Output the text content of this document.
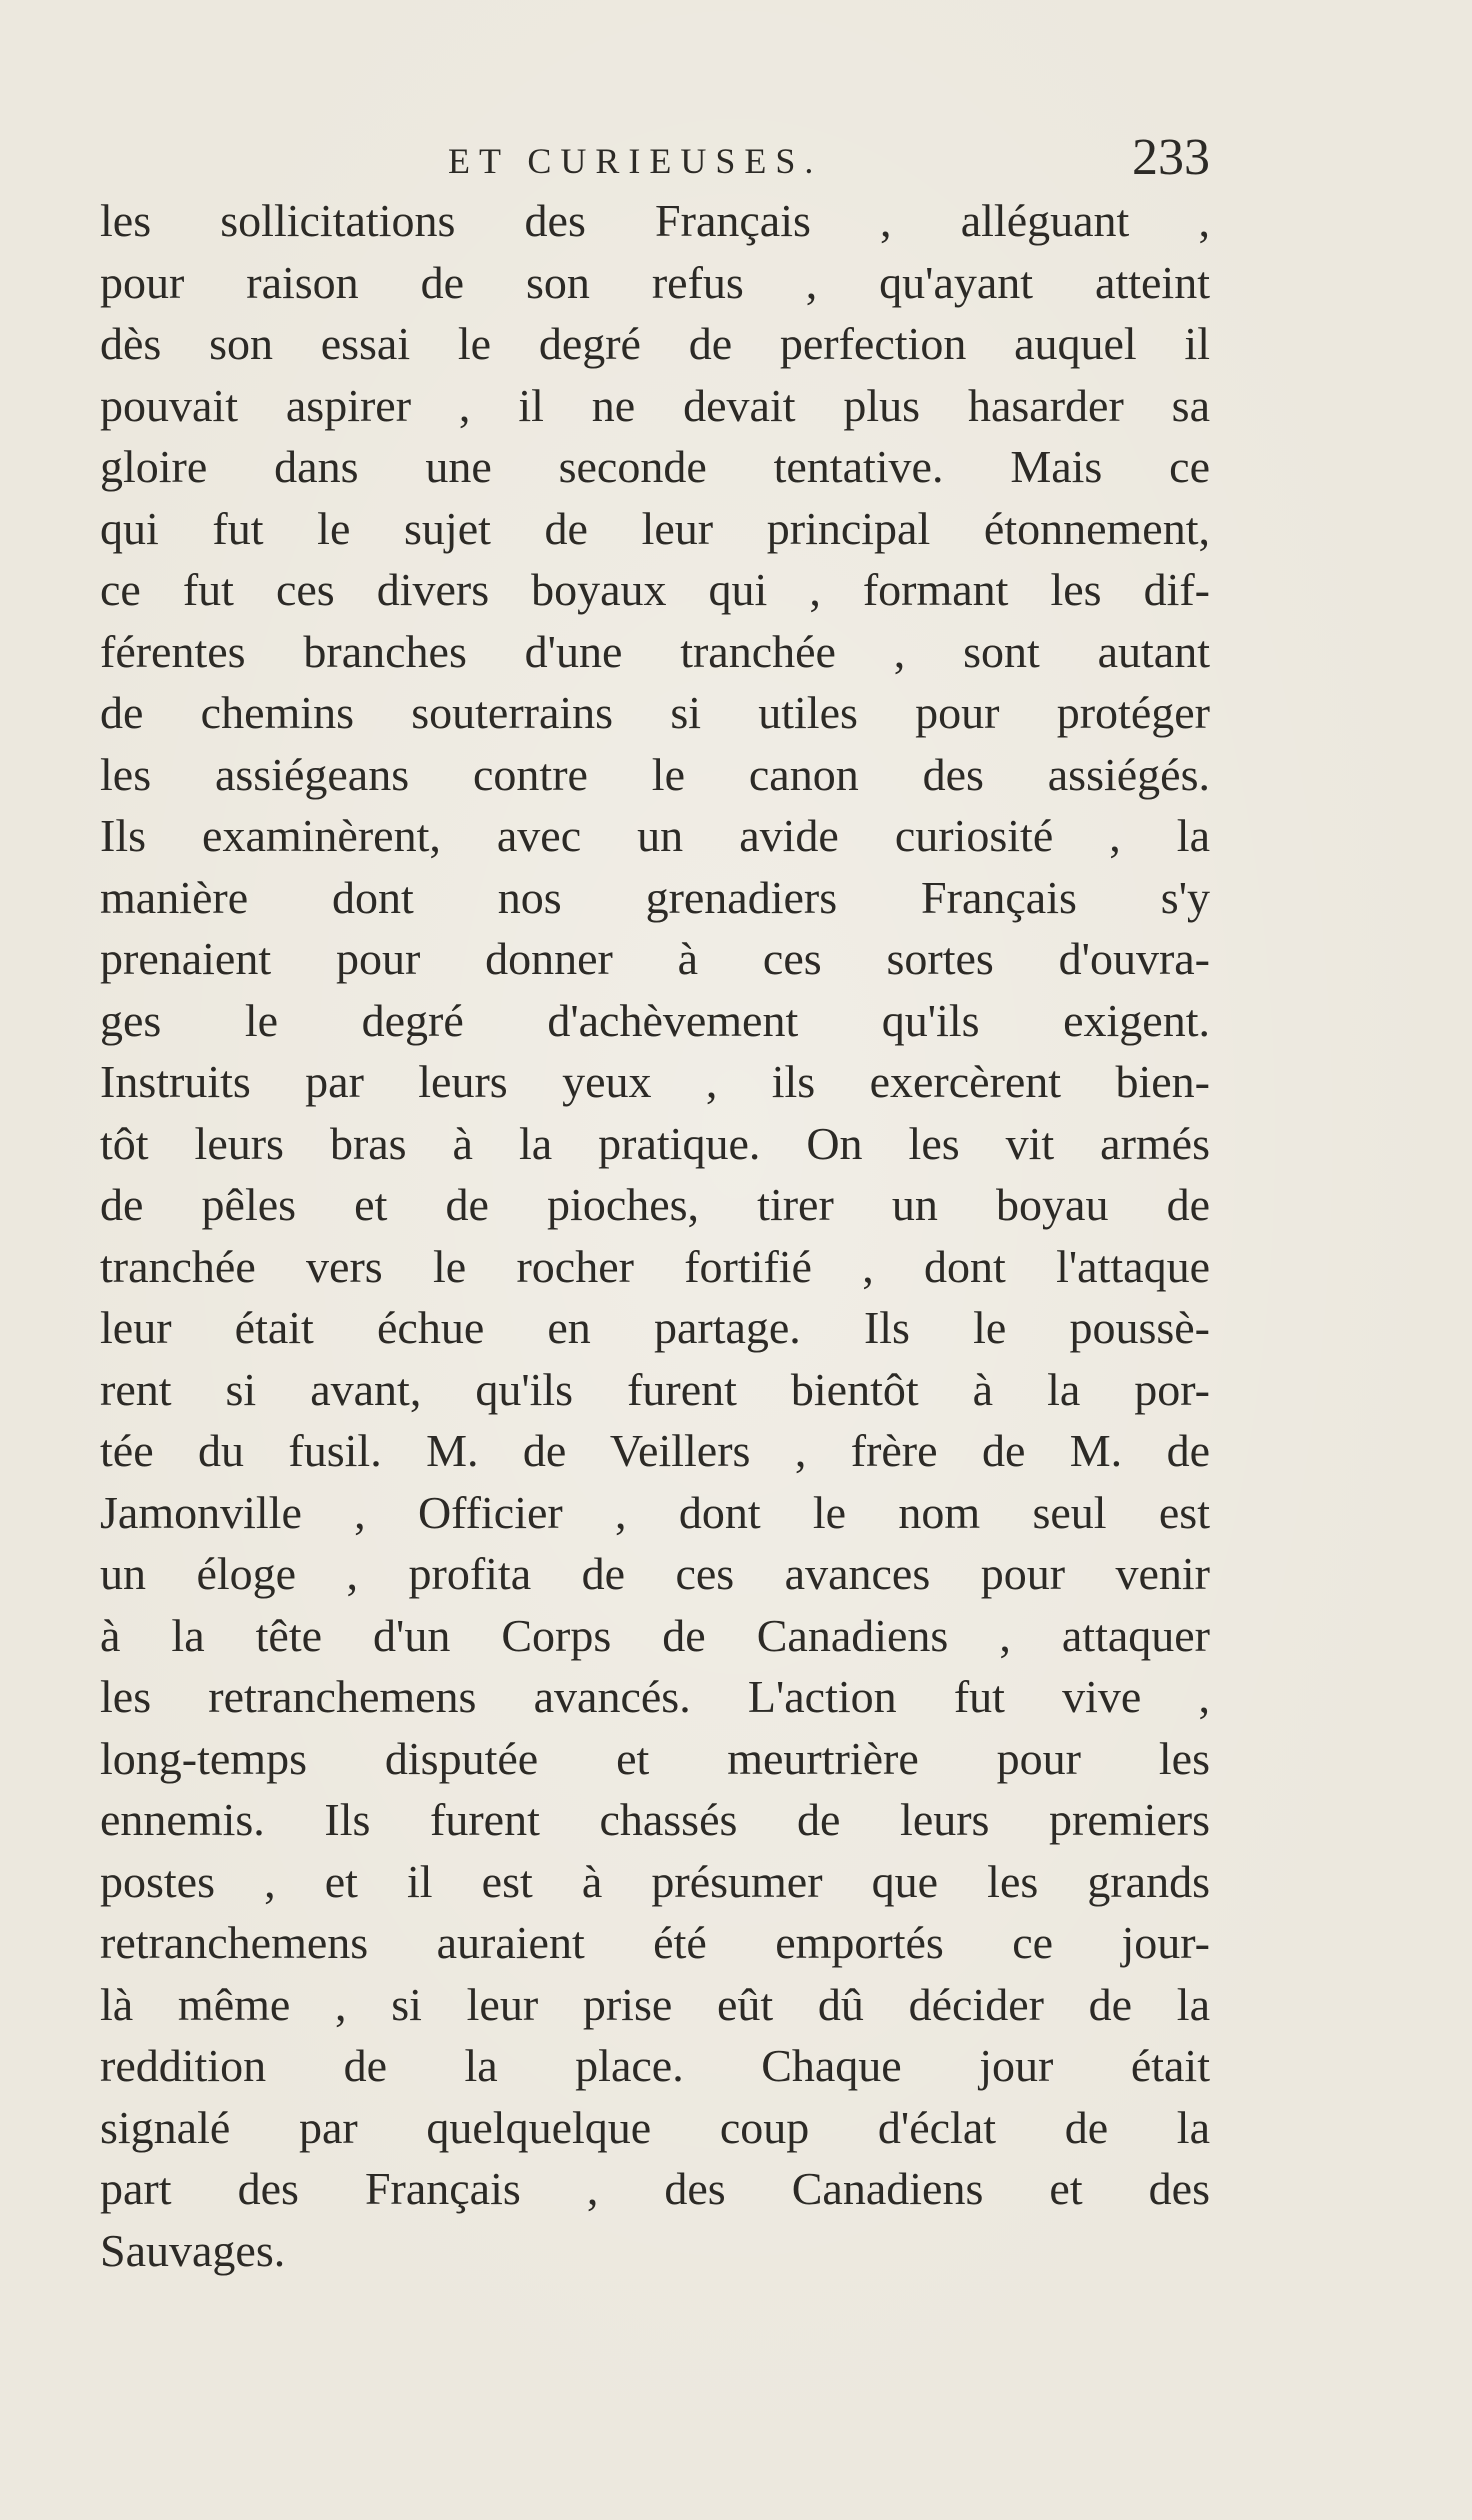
ET CURIEUSES.	233
les sollicitations des Français , alléguant ,
pour raison de son refus , qu'ayant atteint
dès son essai le degré de perfection auquel il
pouvait aspirer , il ne devait plus hasarder sa
gloire dans une seconde tentative. Mais ce
qui fut le sujet de leur principal étonnement,
ce fut ces divers boyaux qui , formant les dif-
férentes branches d'une tranchée , sont autant
de chemins souterrains si utiles pour protéger
les assiégeans contre le canon des assiégés.
Ils examinèrent, avec un avide curiosité , la
manière dont nos grenadiers Français s'y
prenaient pour donner à ces sortes d'ouvra-
ges le degré d'achèvement qu'ils exigent.
Instruits par leurs yeux , ils exercèrent bien-
tôt leurs bras à la pratique. On les vit armés
de pêles et de pioches, tirer un boyau de
tranchée vers le rocher fortifié , dont l'attaque
leur était échue en partage. Ils le poussè-
rent si avant, qu'ils furent bientôt à la por-
tée du fusil. M. de Veillers , frère de M. de
Jamonville , Officier , dont le nom seul est
un éloge , profita de ces avances pour venir
à la tête d'un Corps de Canadiens , attaquer
les retranchemens avancés. L'action fut vive ,
long-temps disputée et meurtrière pour les
ennemis. Ils furent chassés de leurs premiers
postes , et il est à présumer que les grands
retranchemens auraient été emportés ce jour-
là même , si leur prise eût dû décider de la
reddition de la place. Chaque jour était
signalé par quelquelque coup d'éclat de la
part des Français , des Canadiens et des
Sauvages.
